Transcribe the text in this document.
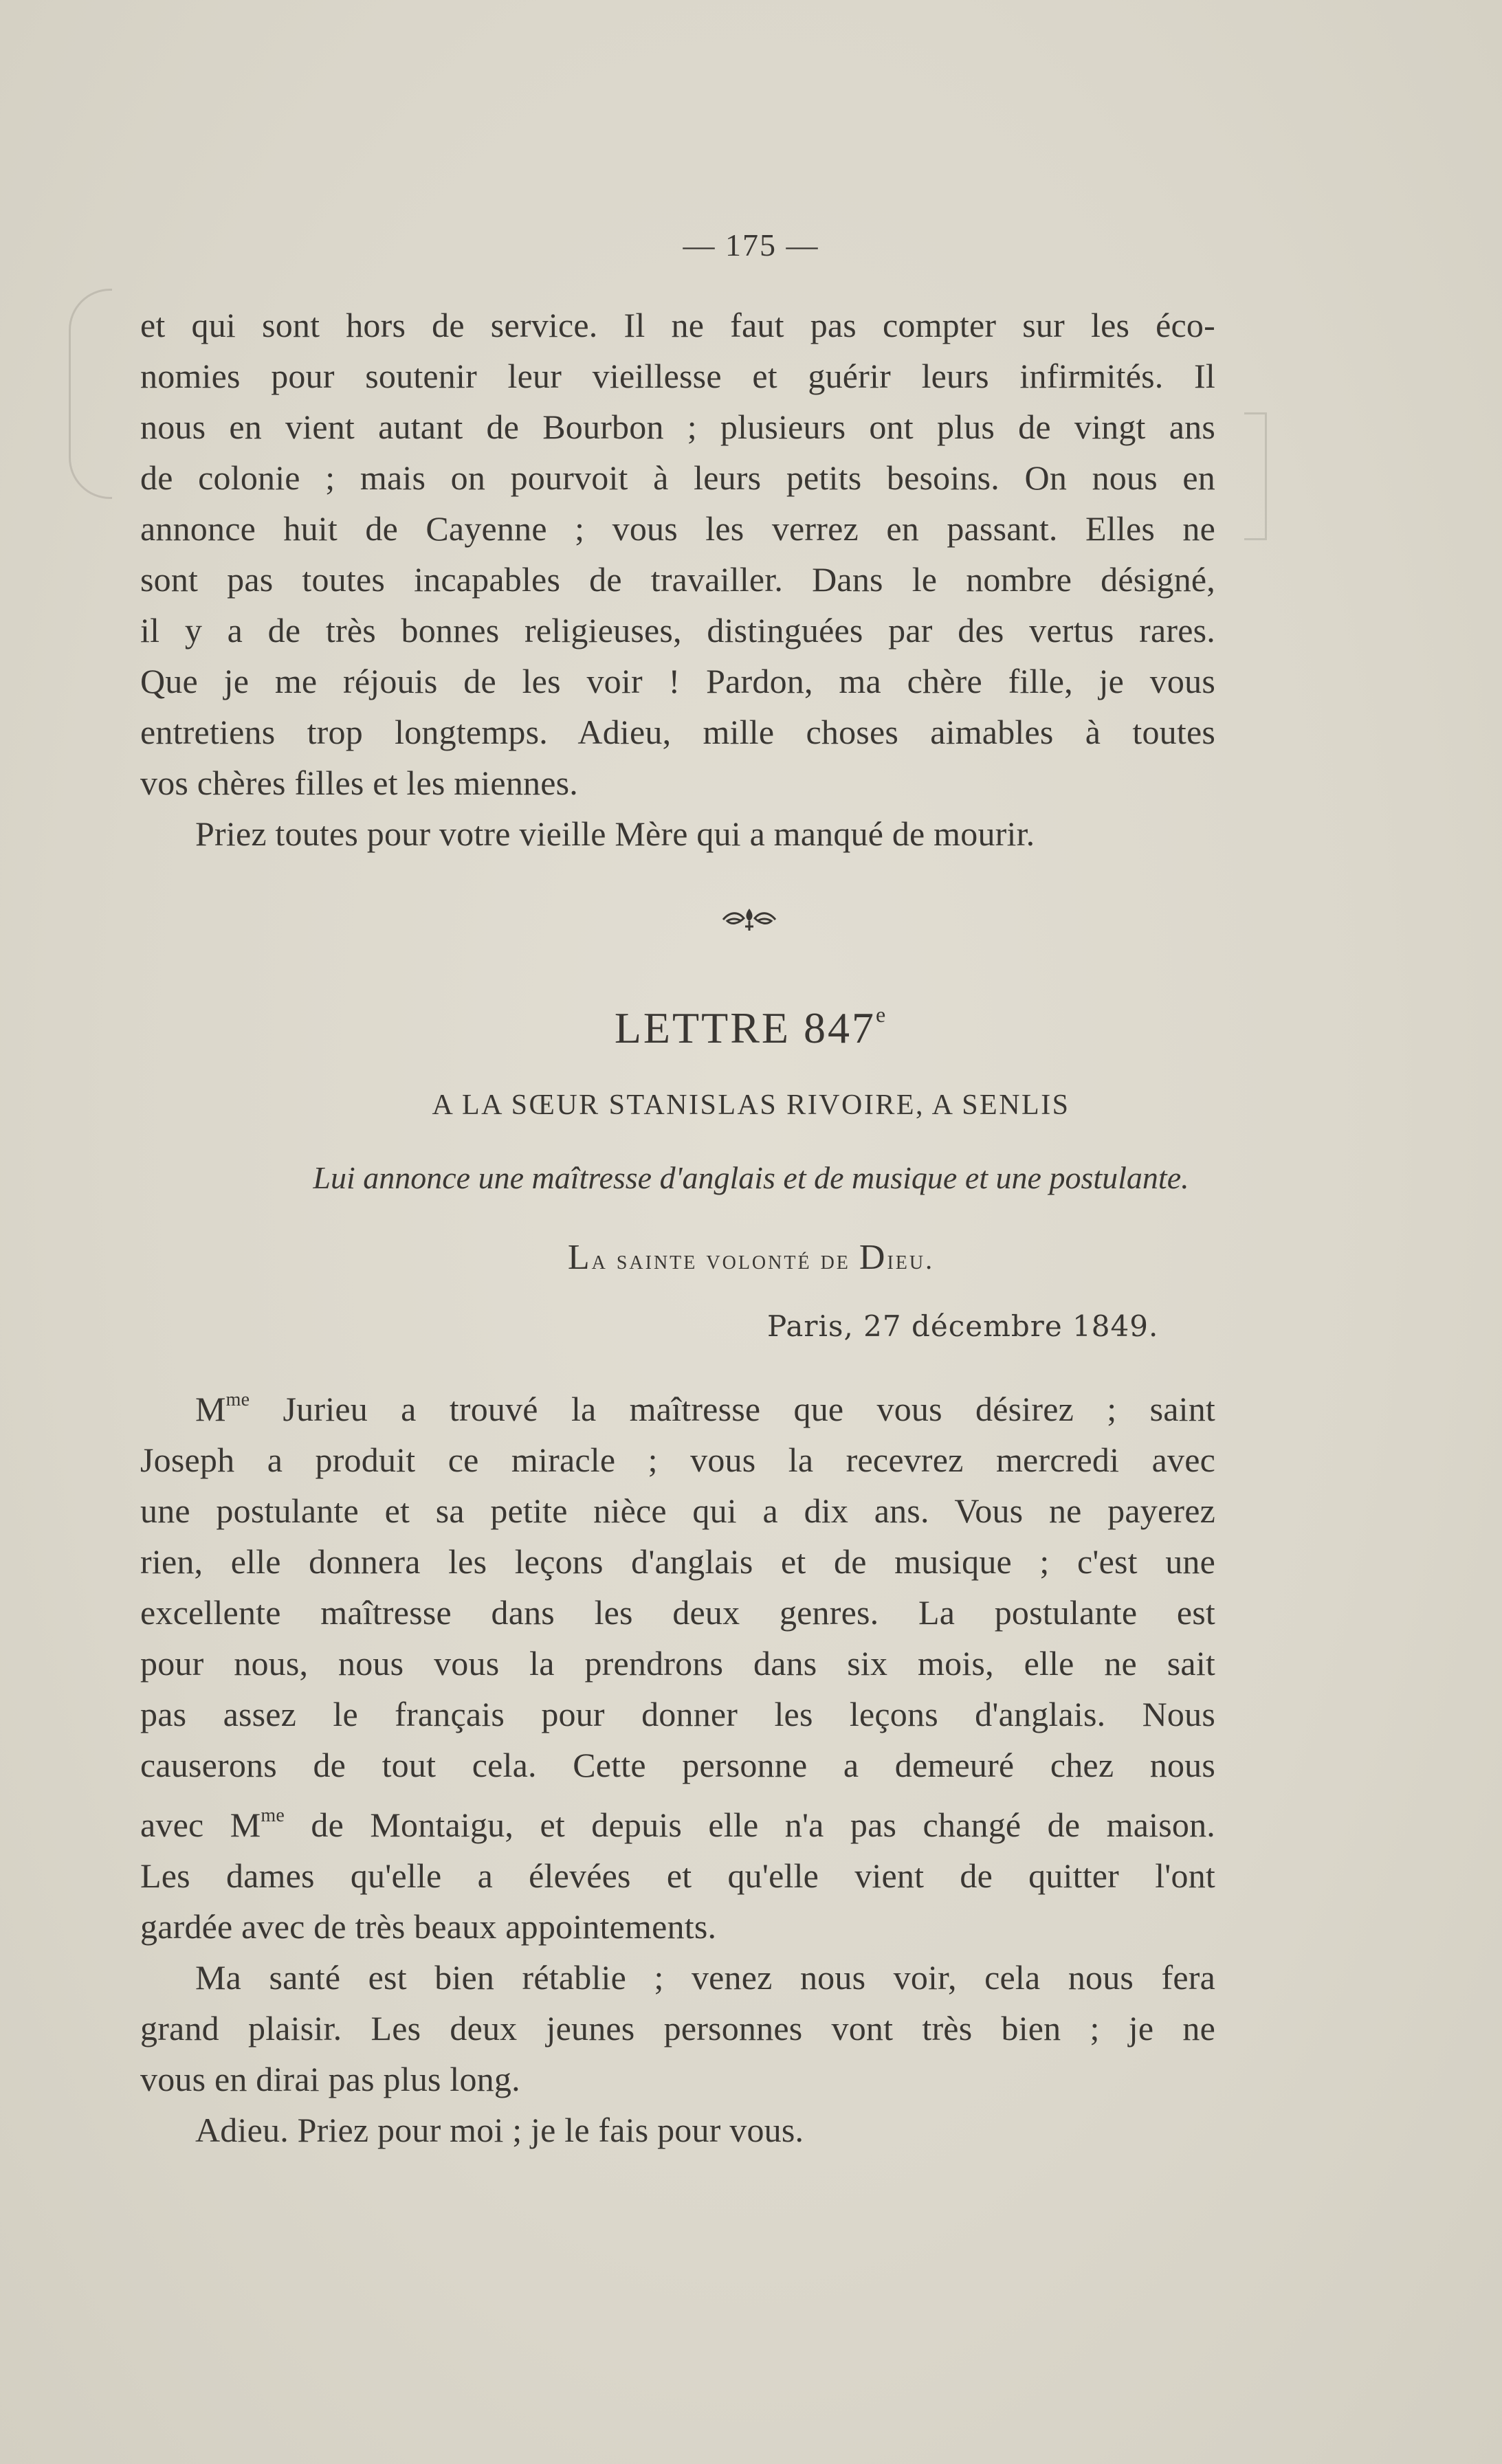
— 175 —

et qui sont hors de service. Il ne faut pas compter sur les éco-

nomies pour soutenir leur vieillesse et guérir leurs infirmités. Il

nous en vient autant de Bourbon ; plusieurs ont plus de vingt ans

de colonie ; mais on pourvoit à leurs petits besoins. On nous en

annonce huit de Cayenne ; vous les verrez en passant. Elles ne

sont pas toutes incapables de travailler. Dans le nombre désigné,

il y a de très bonnes religieuses, distinguées par des vertus rares.

Que je me réjouis de les voir ! Pardon, ma chère fille, je vous

entretiens trop longtemps. Adieu, mille choses aimables à toutes

vos chères filles et les miennes.

Priez toutes pour votre vieille Mère qui a manqué de mourir.

LETTRE 847e
A LA SŒUR STANISLAS RIVOIRE, A SENLIS
Lui annonce une maîtresse d'anglais et de musique et une postulante.
La sainte volonté de Dieu.
Paris, 27 décembre 1849.

$M^{me}$ Jurieu a trouvé la maîtresse que vous désirez ; saint

Joseph a produit ce miracle ; vous la recevrez mercredi avec

une postulante et sa petite nièce qui a dix ans. Vous ne payerez

rien, elle donnera les leçons d'anglais et de musique ; c'est une

excellente maîtresse dans les deux genres. La postulante est

pour nous, nous vous la prendrons dans six mois, elle ne sait

pas assez le français pour donner les leçons d'anglais. Nous

causerons de tout cela. Cette personne a demeuré chez nous

avec $M^{me}$ de Montaigu, et depuis elle n'a pas changé de maison.

Les dames qu'elle a élevées et qu'elle vient de quitter l'ont

gardée avec de très beaux appointements.

Ma santé est bien rétablie ; venez nous voir, cela nous fera

grand plaisir. Les deux jeunes personnes vont très bien ; je ne

vous en dirai pas plus long.

Adieu. Priez pour moi ; je le fais pour vous.
